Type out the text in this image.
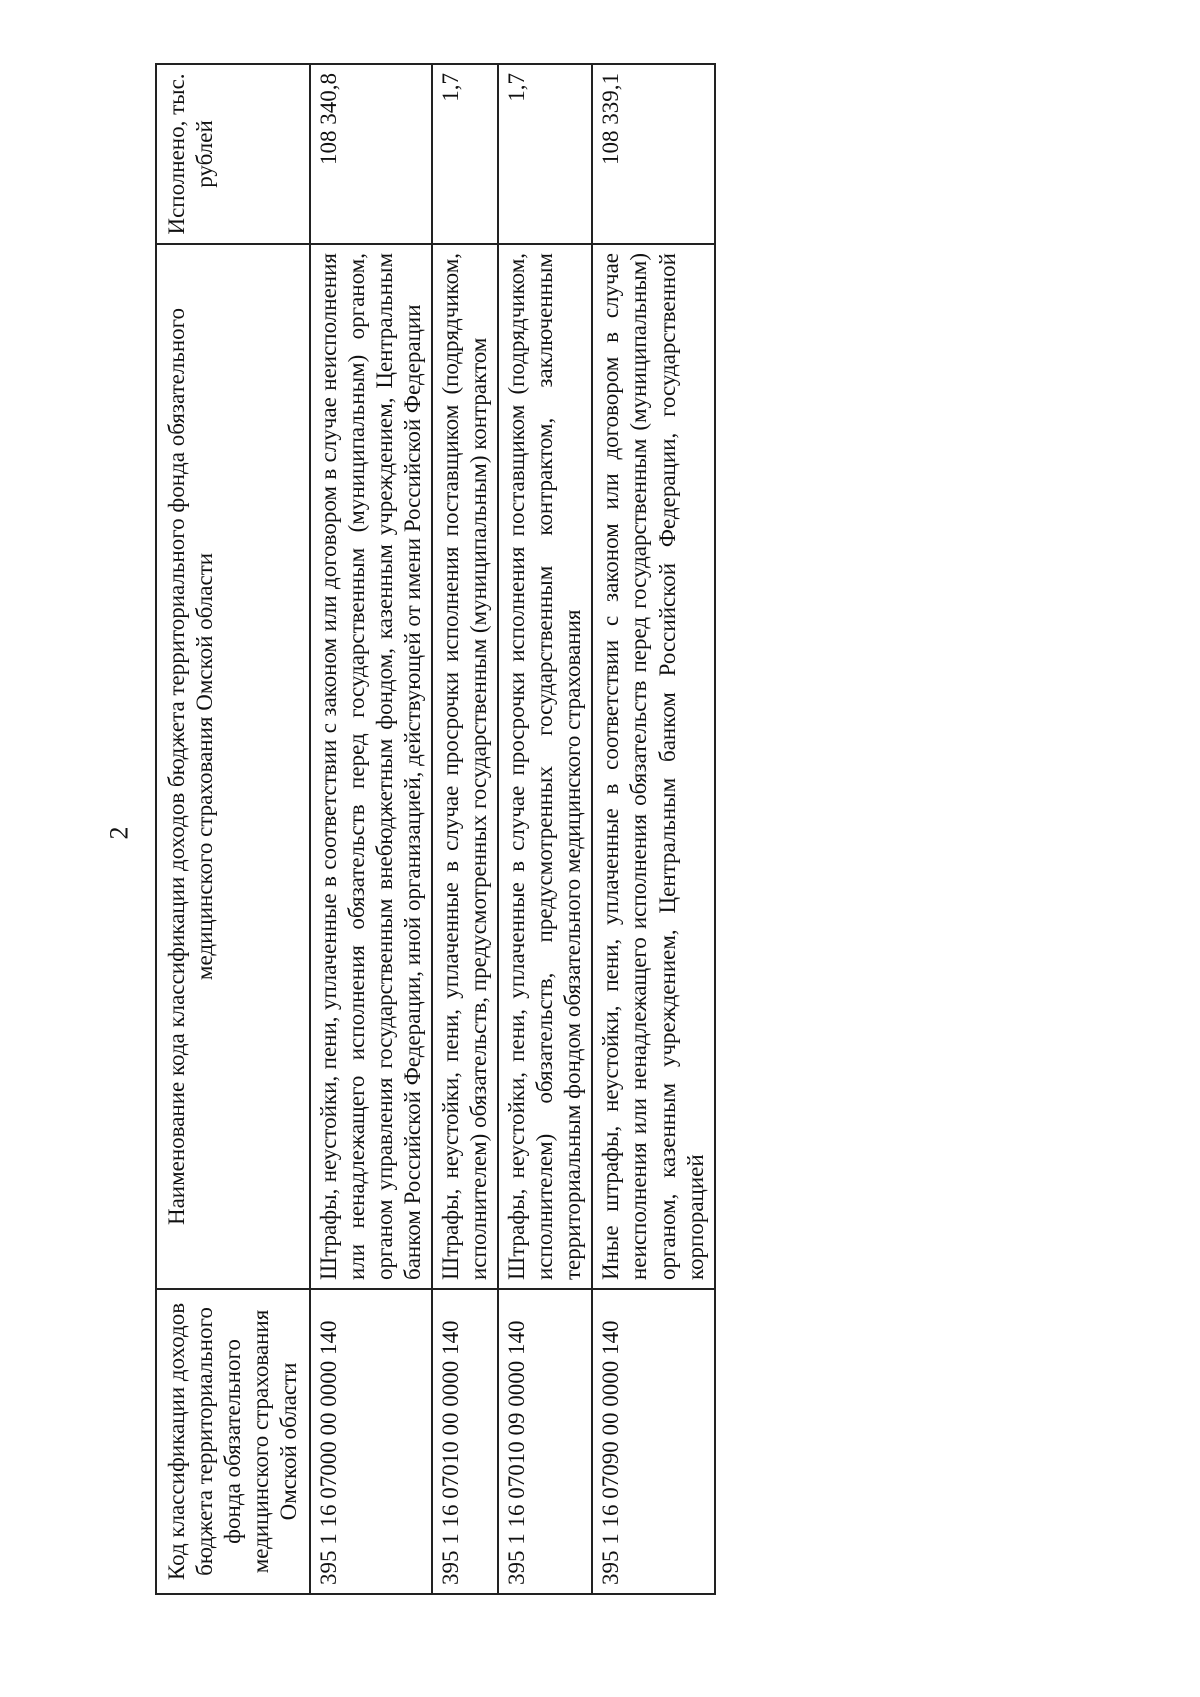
2
Код классификации доходов бюджета территориального фонда обязательного медицинского страхования Омской области	Наименование кода классификации доходов бюджета территориального фонда обязательного медицинского страхования Омской области	Исполнено, тыс. рублей
395 1 16 07000 00 0000 140	Штрафы, неустойки, пени, уплаченные в соответствии с законом или договором в случае неисполнения или ненадлежащего исполнения обязательств перед государственным (муниципальным) органом, органом управления государственным внебюджетным фондом, казенным учреждением, Центральным банком Российской Федерации, иной организацией, действующей от имени Российской Федерации	108 340,8
395 1 16 07010 00 0000 140	Штрафы, неустойки, пени, уплаченные в случае просрочки исполнения поставщиком (подрядчиком, исполнителем) обязательств, предусмотренных государственным (муниципальным) контрактом	1,7
395 1 16 07010 09 0000 140	Штрафы, неустойки, пени, уплаченные в случае просрочки исполнения поставщиком (подрядчиком, исполнителем) обязательств, предусмотренных государственным контрактом, заключенным территориальным фондом обязательного медицинского страхования	1,7
395 1 16 07090 00 0000 140	Иные штрафы, неустойки, пени, уплаченные в соответствии с законом или договором в случае неисполнения или ненадлежащего исполнения обязательств перед государственным (муниципальным) органом, казенным учреждением, Центральным банком Российской Федерации, государственной корпорацией	108 339,1
